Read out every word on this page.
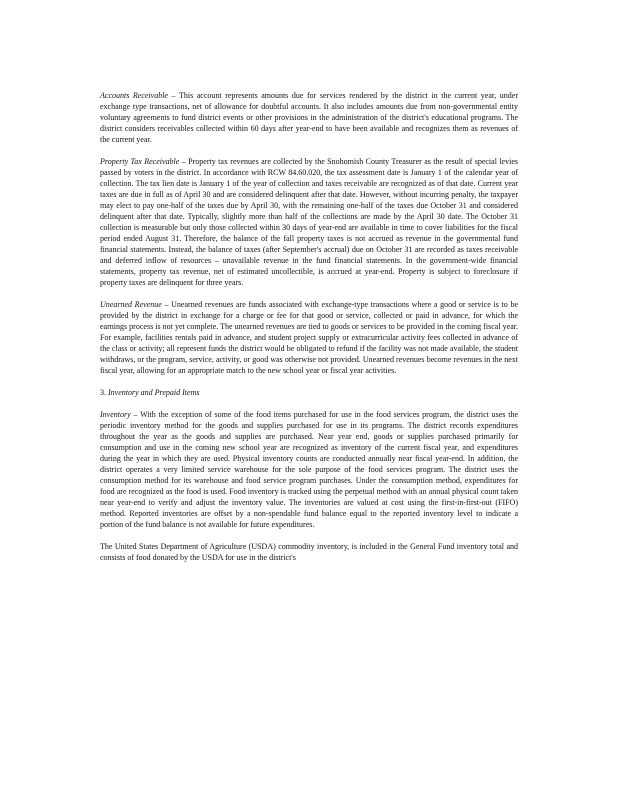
Accounts Receivable – This account represents amounts due for services rendered by the district in the current year, under exchange type transactions, net of allowance for doubtful accounts. It also includes amounts due from non-governmental entity voluntary agreements to fund district events or other provisions in the administration of the district's educational programs. The district considers receivables collected within 60 days after year-end to have been available and recognizes them as revenues of the current year.

Property Tax Receivable – Property tax revenues are collected by the Snohomish County Treasurer as the result of special levies passed by voters in the district. In accordance with RCW 84.60.020, the tax assessment date is January 1 of the calendar year of collection. The tax lien date is January 1 of the year of collection and taxes receivable are recognized as of that date. Current year taxes are due in full as of April 30 and are considered delinquent after that date. However, without incurring penalty, the taxpayer may elect to pay one-half of the taxes due by April 30, with the remaining one-half of the taxes due October 31 and considered delinquent after that date. Typically, slightly more than half of the collections are made by the April 30 date. The October 31 collection is measurable but only those collected within 30 days of year-end are available in time to cover liabilities for the fiscal period ended August 31. Therefore, the balance of the fall property taxes is not accrued as revenue in the governmental fund financial statements. Instead, the balance of taxes (after September's accrual) due on October 31 are recorded as taxes receivable and deferred inflow of resources – unavailable revenue in the fund financial statements. In the government-wide financial statements, property tax revenue, net of estimated uncollectible, is accrued at year-end. Property is subject to foreclosure if property taxes are delinquent for three years.

Unearned Revenue – Unearned revenues are funds associated with exchange-type transactions where a good or service is to be provided by the district in exchange for a charge or fee for that good or service, collected or paid in advance, for which the earnings process is not yet complete. The unearned revenues are tied to goods or services to be provided in the coming fiscal year. For example, facilities rentals paid in advance, and student project supply or extracurricular activity fees collected in advance of the class or activity; all represent funds the district would be obligated to refund if the facility was not made available, the student withdraws, or the program, service, activity, or good was otherwise not provided. Unearned revenues become revenues in the next fiscal year, allowing for an appropriate match to the new school year or fiscal year activities.

3. Inventory and Prepaid Items

Inventory – With the exception of some of the food items purchased for use in the food services program, the district uses the periodic inventory method for the goods and supplies purchased for use in its programs. The district records expenditures throughout the year as the goods and supplies are purchased. Near year end, goods or supplies purchased primarily for consumption and use in the coming new school year are recognized as inventory of the current fiscal year, and expenditures during the year in which they are used. Physical inventory counts are conducted annually near fiscal year-end. In addition, the district operates a very limited service warehouse for the sole purpose of the food services program. The district uses the consumption method for its warehouse and food service program purchases. Under the consumption method, expenditures for food are recognized as the food is used. Food inventory is tracked using the perpetual method with an annual physical count taken near year-end to verify and adjust the inventory value. The inventories are valued at cost using the first-in-first-out (FIFO) method. Reported inventories are offset by a non-spendable fund balance equal to the reported inventory level to indicate a portion of the fund balance is not available for future expenditures.

The United States Department of Agriculture (USDA) commodity inventory, is included in the General Fund inventory total and consists of food donated by the USDA for use in the district's
